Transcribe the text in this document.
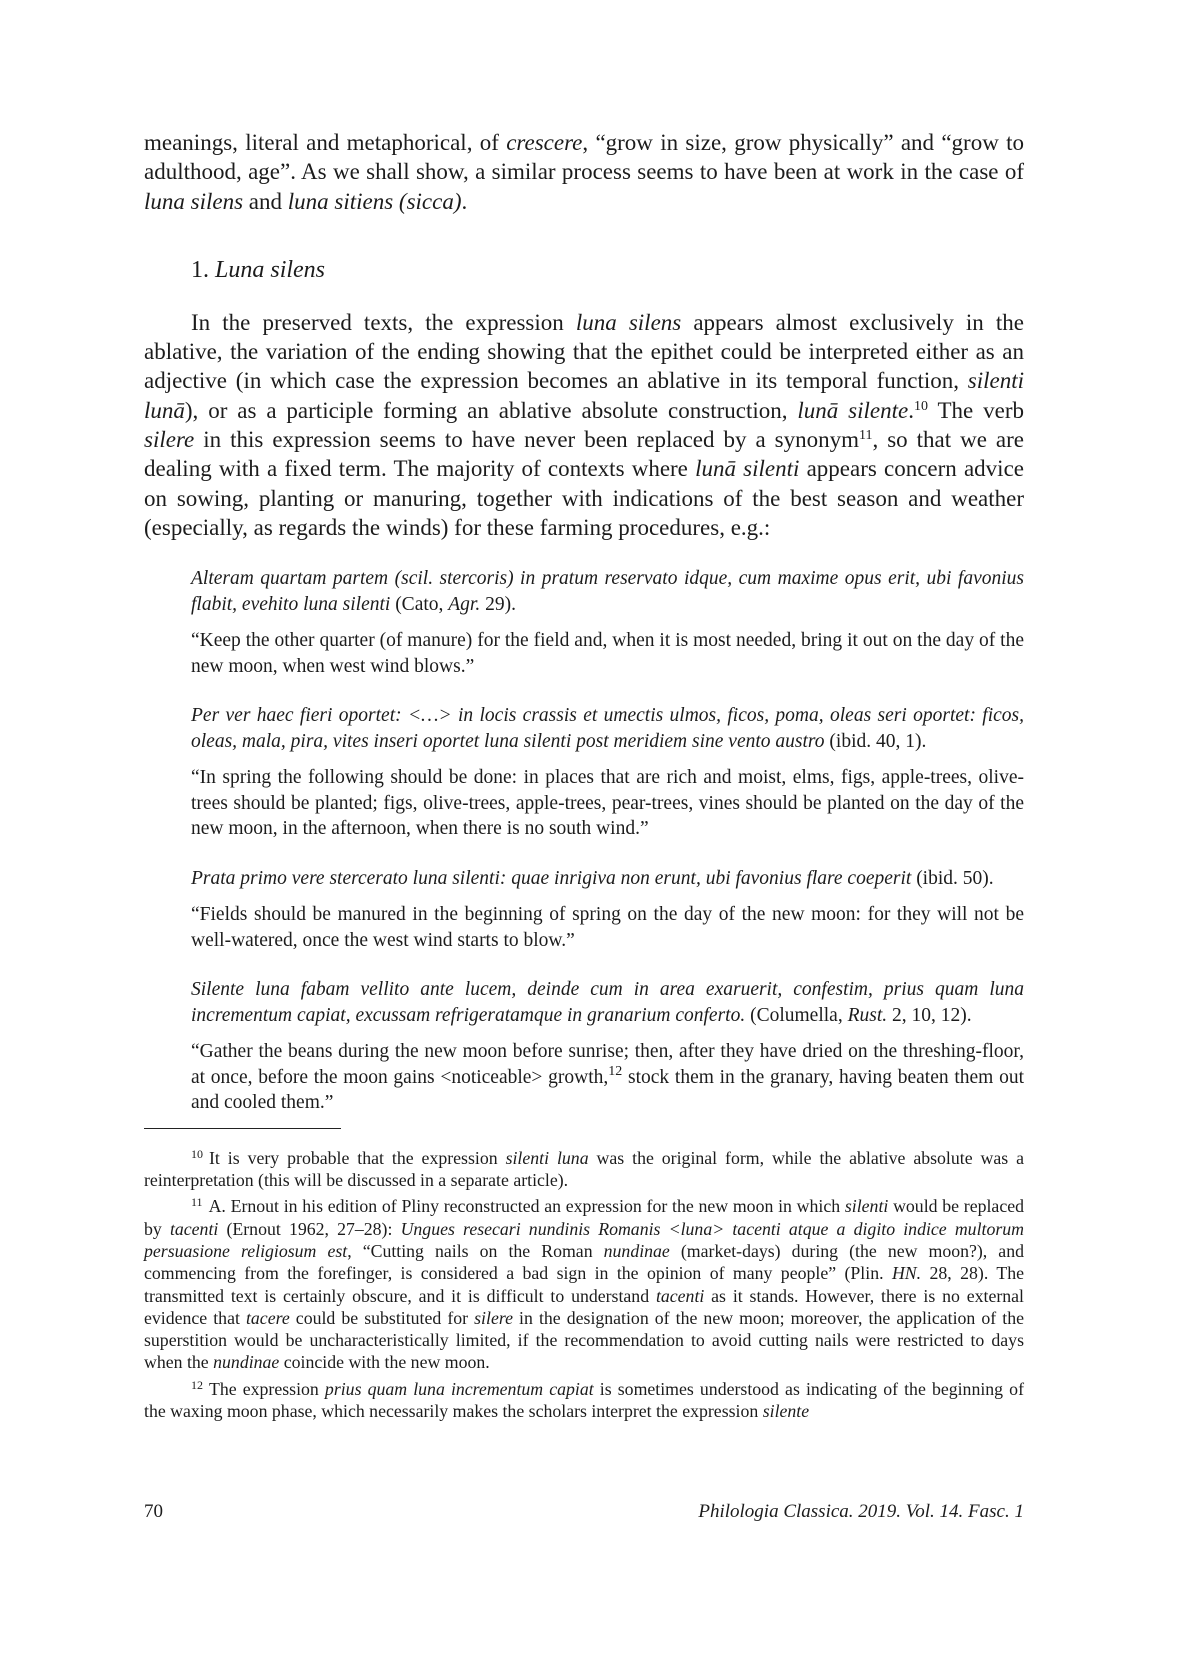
meanings, literal and metaphorical, of crescere, “grow in size, grow physically” and “grow to adulthood, age”. As we shall show, a similar process seems to have been at work in the case of luna silens and luna sitiens (sicca).

1. Luna silens

In the preserved texts, the expression luna silens appears almost exclusively in the ablative, the variation of the ending showing that the epithet could be interpreted either as an adjective (in which case the expression becomes an ablative in its temporal function, silenti lunā), or as a participle forming an ablative absolute construction, lunā silente.$^{10}$ The verb silere in this expression seems to have never been replaced by a synonym$^{11}$, so that we are dealing with a fixed term. The majority of contexts where lunā silenti appears concern advice on sowing, planting or manuring, together with indications of the best season and weather (especially, as regards the winds) for these farming procedures, e.g.:

Alteram quartam partem (scil. stercoris) in pratum reservato idque, cum maxime opus erit, ubi favonius flabit, evehito luna silenti (Cato, Agr. 29).

“Keep the other quarter (of manure) for the field and, when it is most needed, bring it out on the day of the new moon, when west wind blows.”

Per ver haec fieri oportet: <…> in locis crassis et umectis ulmos, ficos, poma, oleas seri oportet: ficos, oleas, mala, pira, vites inseri oportet luna silenti post meridiem sine vento austro (ibid. 40, 1).

“In spring the following should be done: in places that are rich and moist, elms, figs, apple-trees, olive-trees should be planted; figs, olive-trees, apple-trees, pear-trees, vines should be planted on the day of the new moon, in the afternoon, when there is no south wind.”

Prata primo vere stercerato luna silenti: quae inrigiva non erunt, ubi favonius flare coeperit (ibid. 50).

“Fields should be manured in the beginning of spring on the day of the new moon: for they will not be well-watered, once the west wind starts to blow.”

Silente luna fabam vellito ante lucem, deinde cum in area exaruerit, confestim, prius quam luna incrementum capiat, excussam refrigeratamque in granarium conferto. (Columella, Rust. 2, 10, 12).

“Gather the beans during the new moon before sunrise; then, after they have dried on the threshing-floor, at once, before the moon gains <noticeable> growth,$^{12}$ stock them in the granary, having beaten them out and cooled them.”

$^{10}$ It is very probable that the expression silenti luna was the original form, while the ablative absolute was a reinterpretation (this will be discussed in a separate article).

$^{11}$ A. Ernout in his edition of Pliny reconstructed an expression for the new moon in which silenti would be replaced by tacenti (Ernout 1962, 27–28): Ungues resecari nundinis Romanis <luna> tacenti atque a digito indice multorum persuasione religiosum est, “Cutting nails on the Roman nundinae (market-days) during (the new moon?), and commencing from the forefinger, is considered a bad sign in the opinion of many people” (Plin. HN. 28, 28). The transmitted text is certainly obscure, and it is difficult to understand tacenti as it stands. However, there is no external evidence that tacere could be substituted for silere in the designation of the new moon; moreover, the application of the superstition would be uncharacteristically limited, if the recommendation to avoid cutting nails were restricted to days when the nundinae coincide with the new moon.

$^{12}$ The expression prius quam luna incrementum capiat is sometimes understood as indicating of the beginning of the waxing moon phase, which necessarily makes the scholars interpret the expression silente

70	Philologia Classica. 2019. Vol. 14. Fasc. 1
